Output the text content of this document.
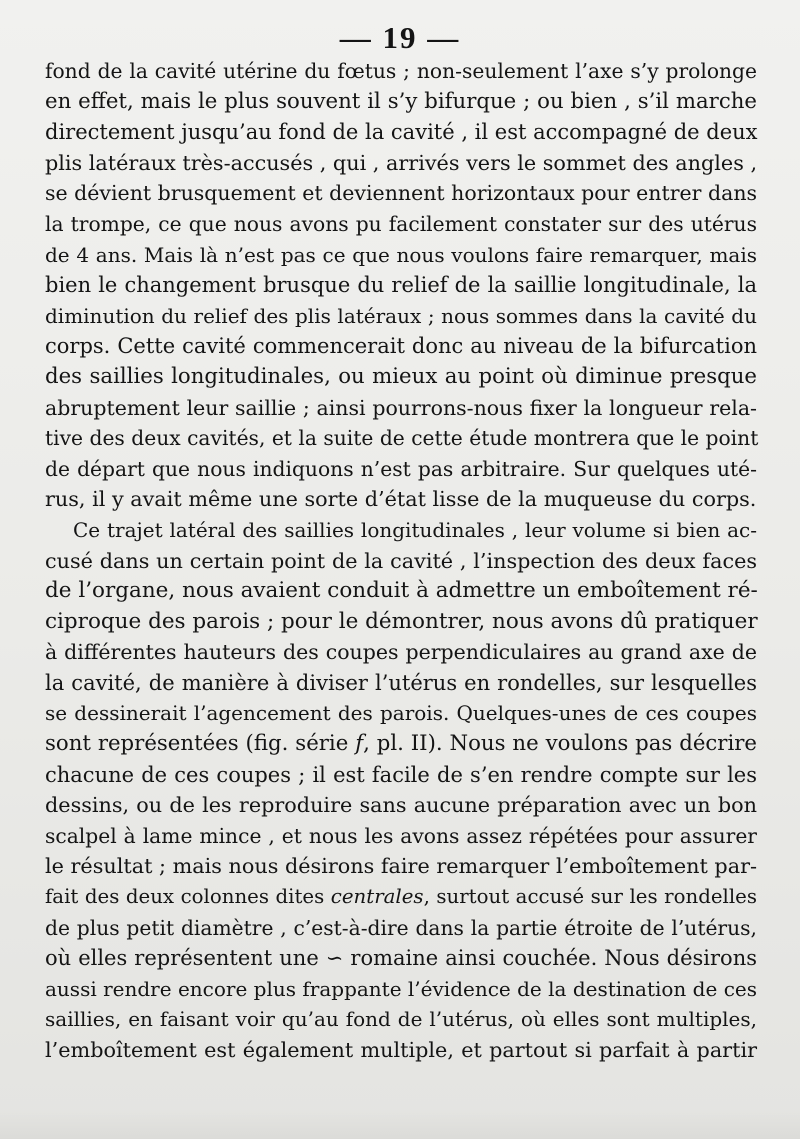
— 19 —
fond de la cavité utérine du fœtus ; non-seulement l’axe s’y prolonge
en effet, mais le plus souvent il s’y bifurque ; ou bien , s’il marche
directement jusqu’au fond de la cavité , il est accompagné de deux
plis latéraux très-accusés , qui , arrivés vers le sommet des angles ,
se dévient brusquement et deviennent horizontaux pour entrer dans
la trompe, ce que nous avons pu facilement constater sur des utérus
de 4 ans. Mais là n’est pas ce que nous voulons faire remarquer, mais
bien le changement brusque du relief de la saillie longitudinale, la
diminution du relief des plis latéraux ; nous sommes dans la cavité du
corps. Cette cavité commencerait donc au niveau de la bifurcation
des saillies longitudinales, ou mieux au point où diminue presque
abruptement leur saillie ; ainsi pourrons-nous fixer la longueur rela-
tive des deux cavités, et la suite de cette étude montrera que le point
de départ que nous indiquons n’est pas arbitraire. Sur quelques uté-
rus, il y avait même une sorte d’état lisse de la muqueuse du corps.
Ce trajet latéral des saillies longitudinales , leur volume si bien ac-
cusé dans un certain point de la cavité , l’inspection des deux faces
de l’organe, nous avaient conduit à admettre un emboîtement ré-
ciproque des parois ; pour le démontrer, nous avons dû pratiquer
à différentes hauteurs des coupes perpendiculaires au grand axe de
la cavité, de manière à diviser l’utérus en rondelles, sur lesquelles
se dessinerait l’agencement des parois. Quelques-unes de ces coupes
sont représentées (fig. série f, pl. II). Nous ne voulons pas décrire
chacune de ces coupes ; il est facile de s’en rendre compte sur les
dessins, ou de les reproduire sans aucune préparation avec un bon
scalpel à lame mince , et nous les avons assez répétées pour assurer
le résultat ; mais nous désirons faire remarquer l’emboîtement par-
fait des deux colonnes dites centrales, surtout accusé sur les rondelles
de plus petit diamètre , c’est-à-dire dans la partie étroite de l’utérus,
où elles représentent une ∽ romaine ainsi couchée. Nous désirons
aussi rendre encore plus frappante l’évidence de la destination de ces
saillies, en faisant voir qu’au fond de l’utérus, où elles sont multiples,
l’emboîtement est également multiple, et partout si parfait à partir
